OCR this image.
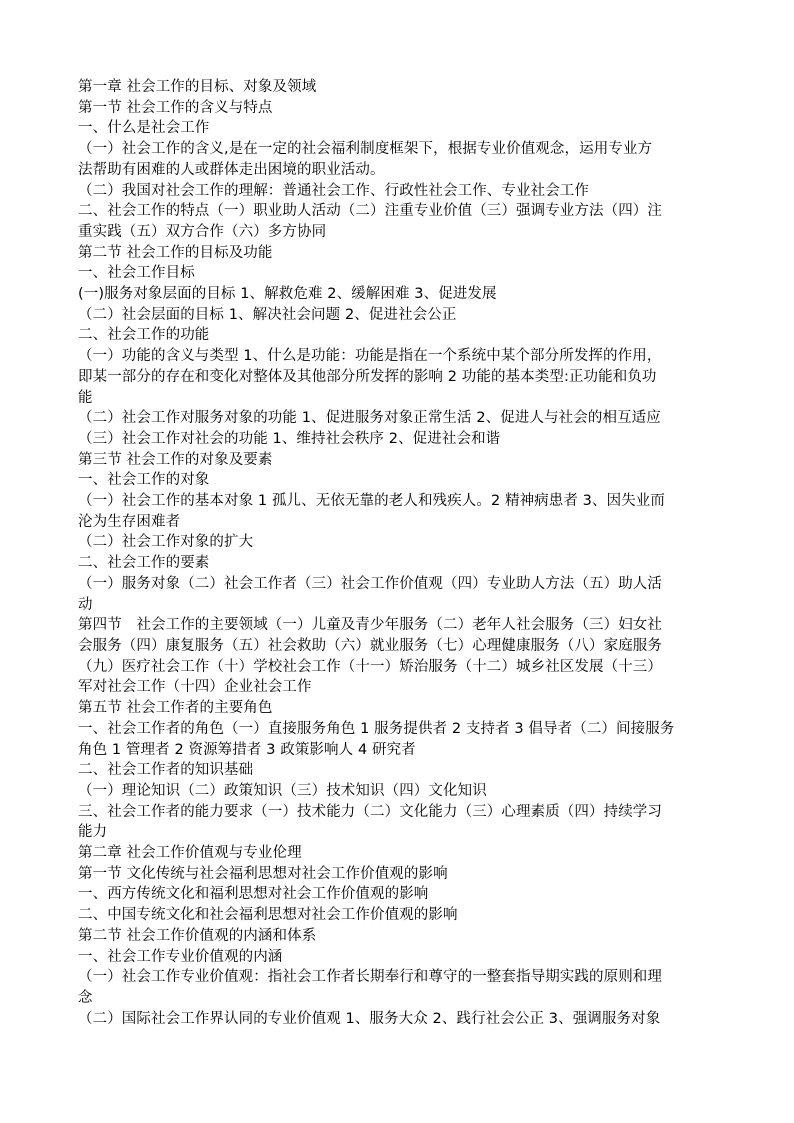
第一章 社会工作的目标、对象及领域
第一节 社会工作的含义与特点
一、什么是社会工作
（一）社会工作的含义,是在一定的社会福利制度框架下，根据专业价值观念，运用专业方
法帮助有困难的人或群体走出困境的职业活动。
（二）我国对社会工作的理解：普通社会工作、行政性社会工作、专业社会工作
二、社会工作的特点（一）职业助人活动（二）注重专业价值（三）强调专业方法（四）注
重实践（五）双方合作（六）多方协同
第二节 社会工作的目标及功能
一、社会工作目标
(一)服务对象层面的目标 1、解救危难 2、缓解困难 3、促进发展
（二）社会层面的目标 1、解决社会问题 2、促进社会公正
二、社会工作的功能
（一）功能的含义与类型 1、什么是功能：功能是指在一个系统中某个部分所发挥的作用，
即某一部分的存在和变化对整体及其他部分所发挥的影响 2 功能的基本类型:正功能和负功
能
（二）社会工作对服务对象的功能 1、促进服务对象正常生活 2、促进人与社会的相互适应
（三）社会工作对社会的功能 1、维持社会秩序 2、促进社会和谐
第三节 社会工作的对象及要素
一、社会工作的对象
（一）社会工作的基本对象 1 孤儿、无依无靠的老人和残疾人。2 精神病患者 3、因失业而
沦为生存困难者
（二）社会工作对象的扩大
二、社会工作的要素
（一）服务对象（二）社会工作者（三）社会工作价值观（四）专业助人方法（五）助人活
动
第四节　社会工作的主要领域（一）儿童及青少年服务（二）老年人社会服务（三）妇女社
会服务（四）康复服务（五）社会救助（六）就业服务（七）心理健康服务（八）家庭服务
（九）医疗社会工作（十）学校社会工作（十一）矫治服务（十二）城乡社区发展（十三）
军对社会工作（十四）企业社会工作
第五节 社会工作者的主要角色
一、社会工作者的角色（一）直接服务角色 1 服务提供者 2 支持者 3 倡导者（二）间接服务
角色 1 管理者 2 资源筹措者 3 政策影响人 4 研究者
二、社会工作者的知识基础
（一）理论知识（二）政策知识（三）技术知识（四）文化知识
三、社会工作者的能力要求（一）技术能力（二）文化能力（三）心理素质（四）持续学习
能力
第二章 社会工作价值观与专业伦理
第一节 文化传统与社会福利思想对社会工作价值观的影响
一、西方传统文化和福利思想对社会工作价值观的影响
二、中国专统文化和社会福利思想对社会工作价值观的影响
第二节 社会工作价值观的内涵和体系
一、社会工作专业价值观的内涵
（一）社会工作专业价值观：指社会工作者长期奉行和尊守的一整套指导期实践的原则和理
念
（二）国际社会工作界认同的专业价值观 1、服务大众 2、践行社会公正 3、强调服务对象
